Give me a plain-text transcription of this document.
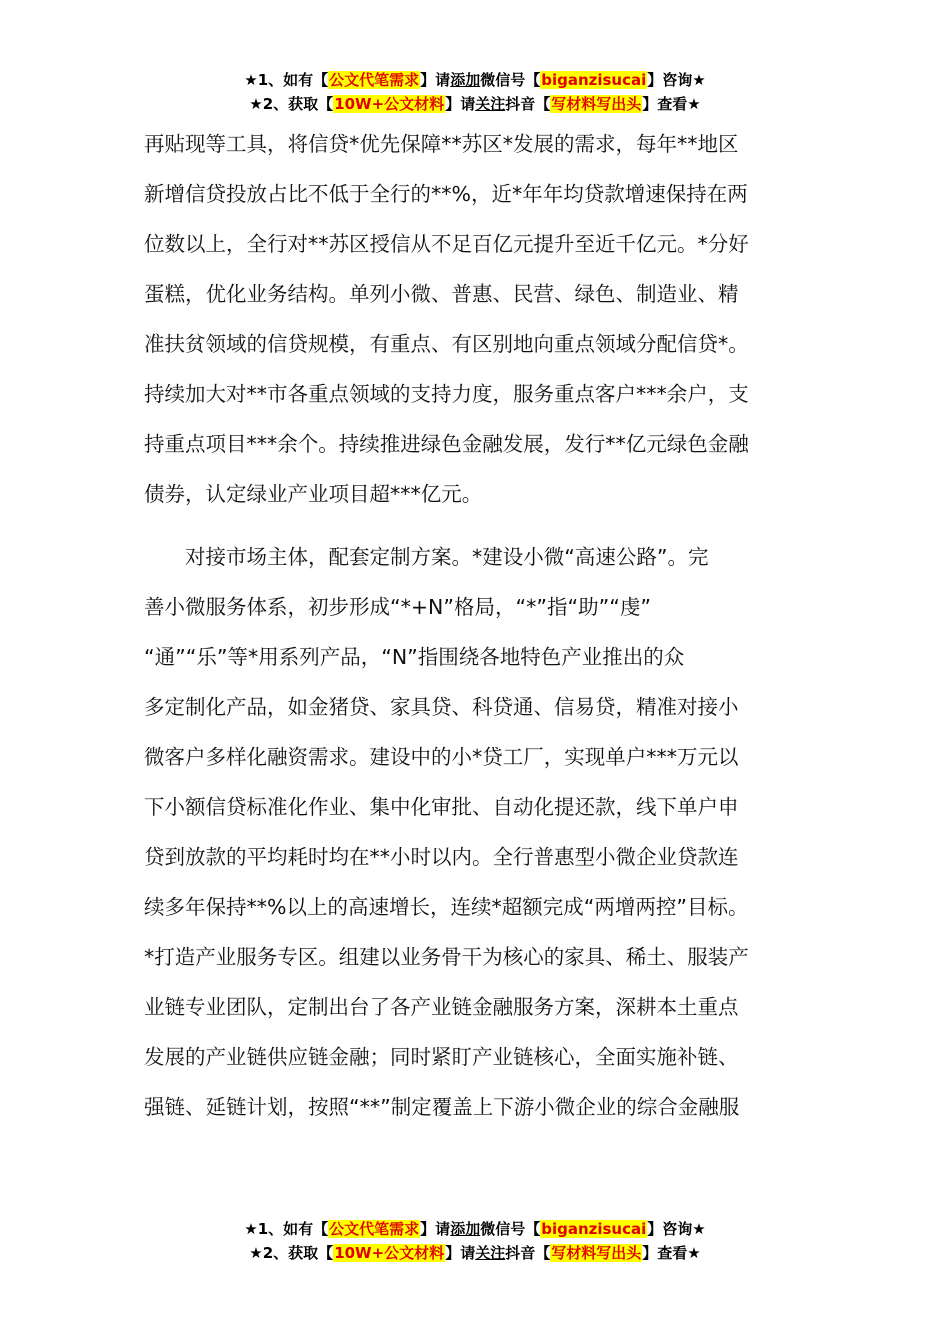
★1、如有【公文代笔需求】请添加微信号【biganzisucai】咨询★
★2、获取【10W+公文材料】请关注抖音【写材料写出头】查看★
再贴现等工具，将信贷*优先保障**苏区*发展的需求，每年**地区
新增信贷投放占比不低于全行的**%，近*年年均贷款增速保持在两
位数以上，全行对**苏区授信从不足百亿元提升至近千亿元。*分好
蛋糕，优化业务结构。单列小微、普惠、民营、绿色、制造业、精
准扶贫领域的信贷规模，有重点、有区别地向重点领域分配信贷*。
持续加大对**市各重点领域的支持力度，服务重点客户***余户，支
持重点项目***余个。持续推进绿色金融发展，发行**亿元绿色金融
债券，认定绿业产业项目超***亿元。
　　对接市场主体，配套定制方案。*建设小微“高速公路”。完
善小微服务体系，初步形成“*+N”格局，“*”指“助”“虔”
“通”“乐”等*用系列产品，“N”指围绕各地特色产业推出的众
多定制化产品，如金猪贷、家具贷、科贷通、信易贷，精准对接小
微客户多样化融资需求。建设中的小*贷工厂，实现单户***万元以
下小额信贷标准化作业、集中化审批、自动化提还款，线下单户申
贷到放款的平均耗时均在**小时以内。全行普惠型小微企业贷款连
续多年保持**%以上的高速增长，连续*超额完成“两增两控”目标。
*打造产业服务专区。组建以业务骨干为核心的家具、稀土、服装产
业链专业团队，定制出台了各产业链金融服务方案，深耕本土重点
发展的产业链供应链金融；同时紧盯产业链核心，全面实施补链、
强链、延链计划，按照“**”制定覆盖上下游小微企业的综合金融服
★1、如有【公文代笔需求】请添加微信号【biganzisucai】咨询★
★2、获取【10W+公文材料】请关注抖音【写材料写出头】查看★
